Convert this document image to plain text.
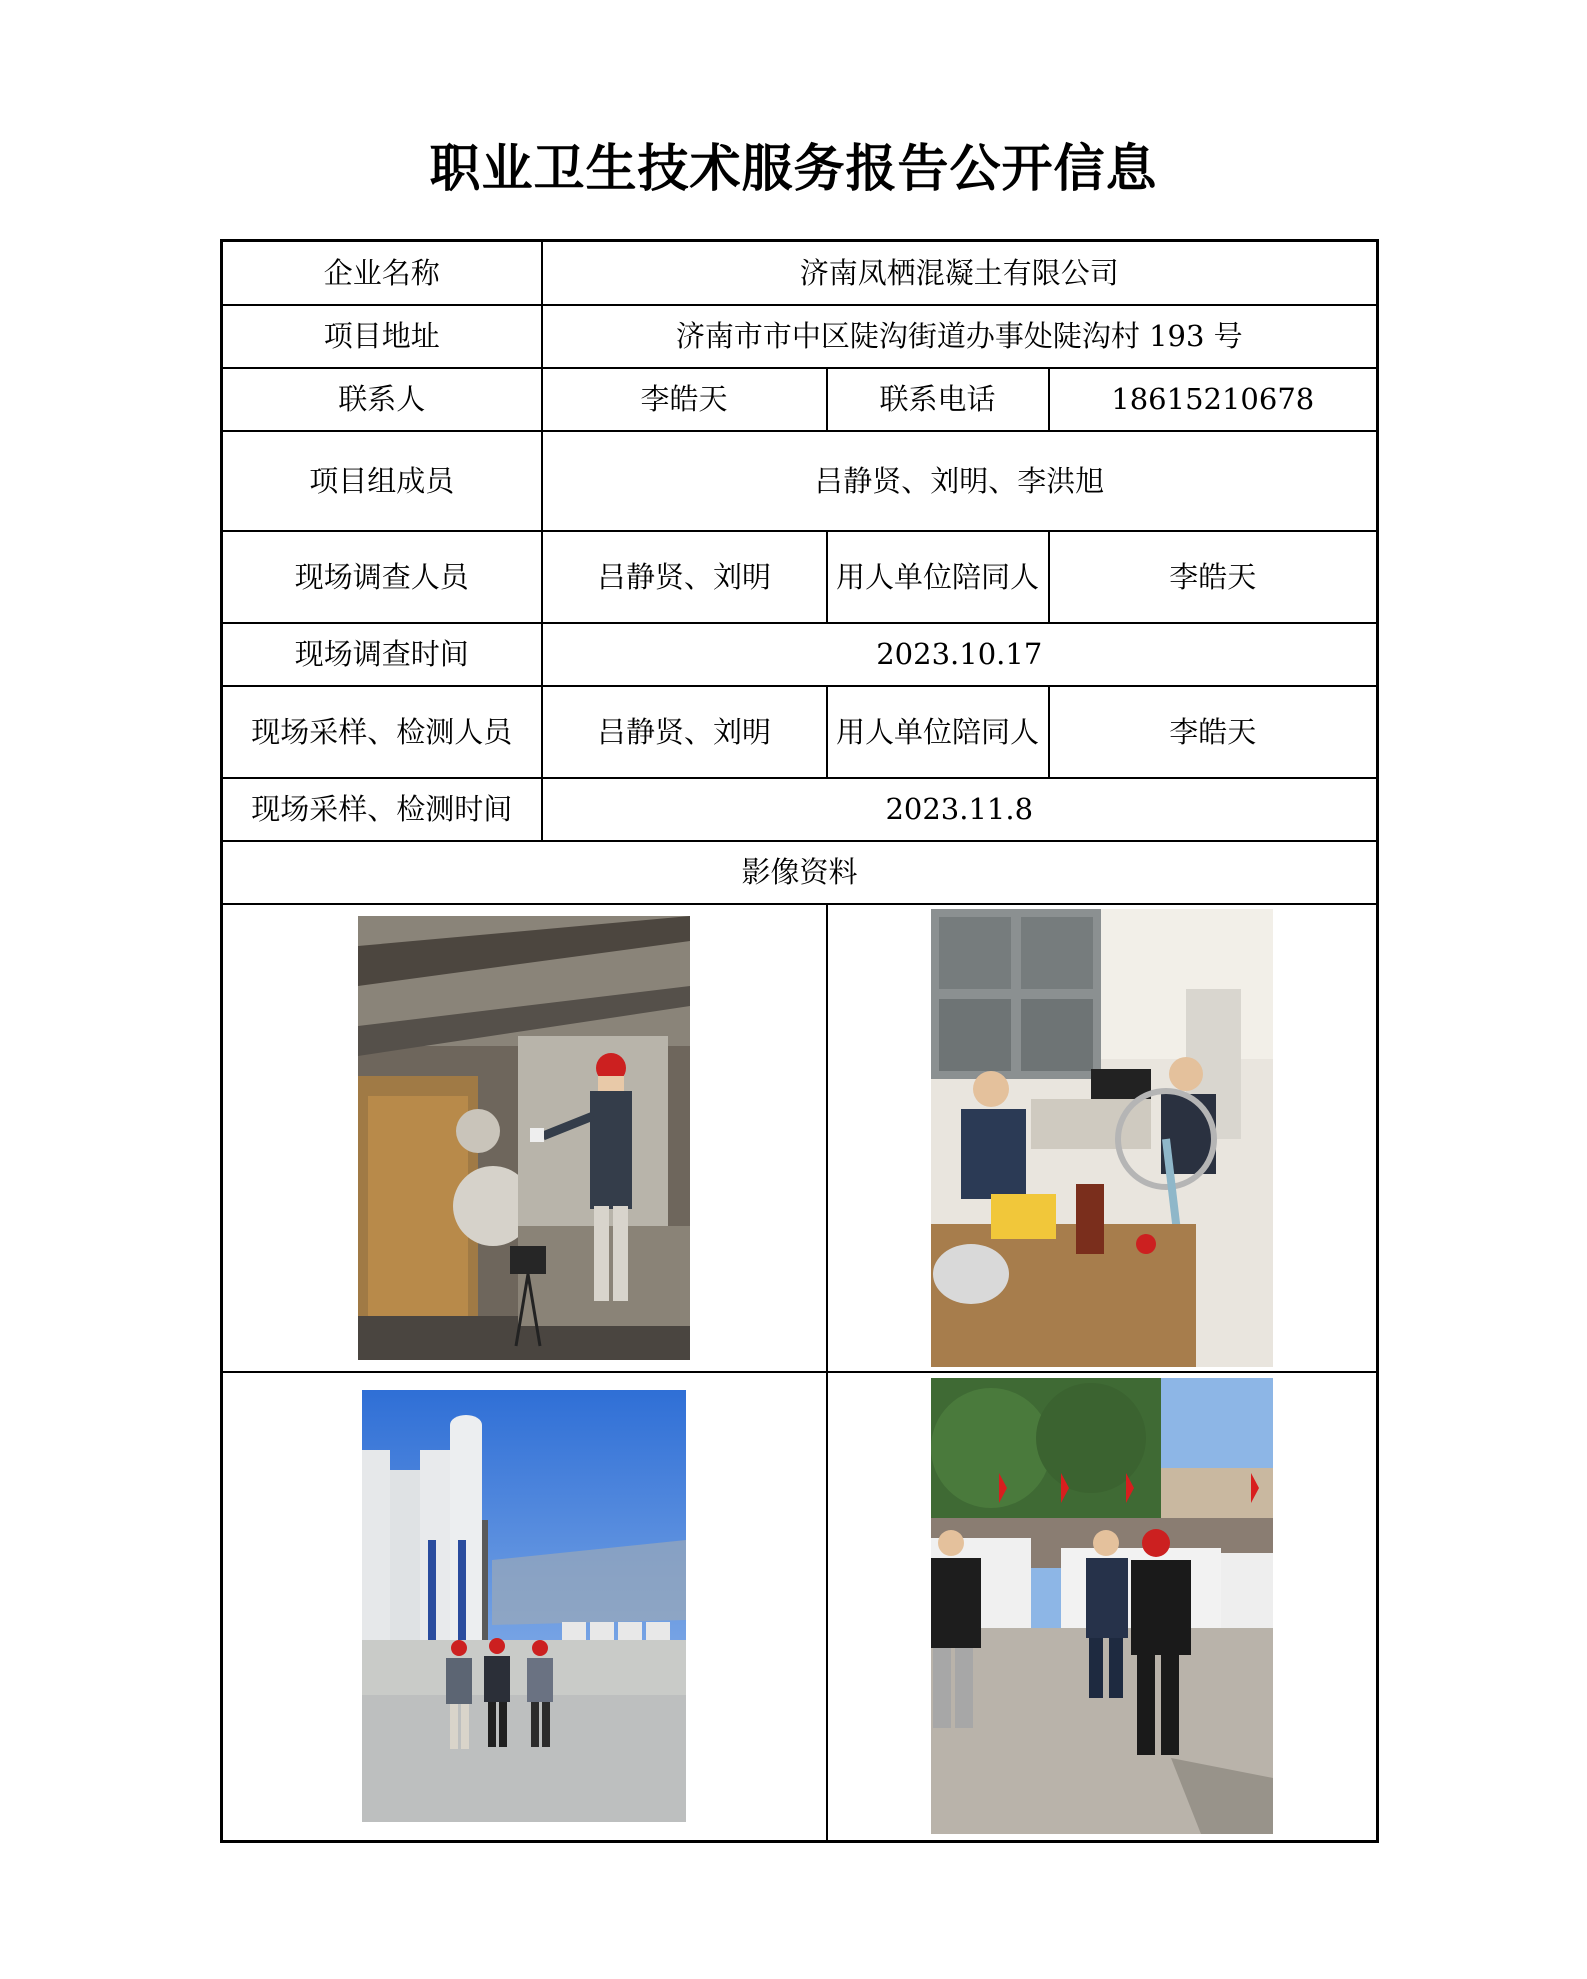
职业卫生技术服务报告公开信息
企业名称	济南凤栖混凝土有限公司		
项目地址	济南市市中区陡沟街道办事处陡沟村 193 号		
联系人	李皓天	联系电话	18615210678
项目组成员	吕静贤、刘明、李洪旭		
现场调查人员	吕静贤、刘明	用人单位陪同人	李皓天
现场调查时间	2023.10.17		
现场采样、检测人员	吕静贤、刘明	用人单位陪同人	李皓天
现场采样、检测时间	2023.11.8		
影像资料			
